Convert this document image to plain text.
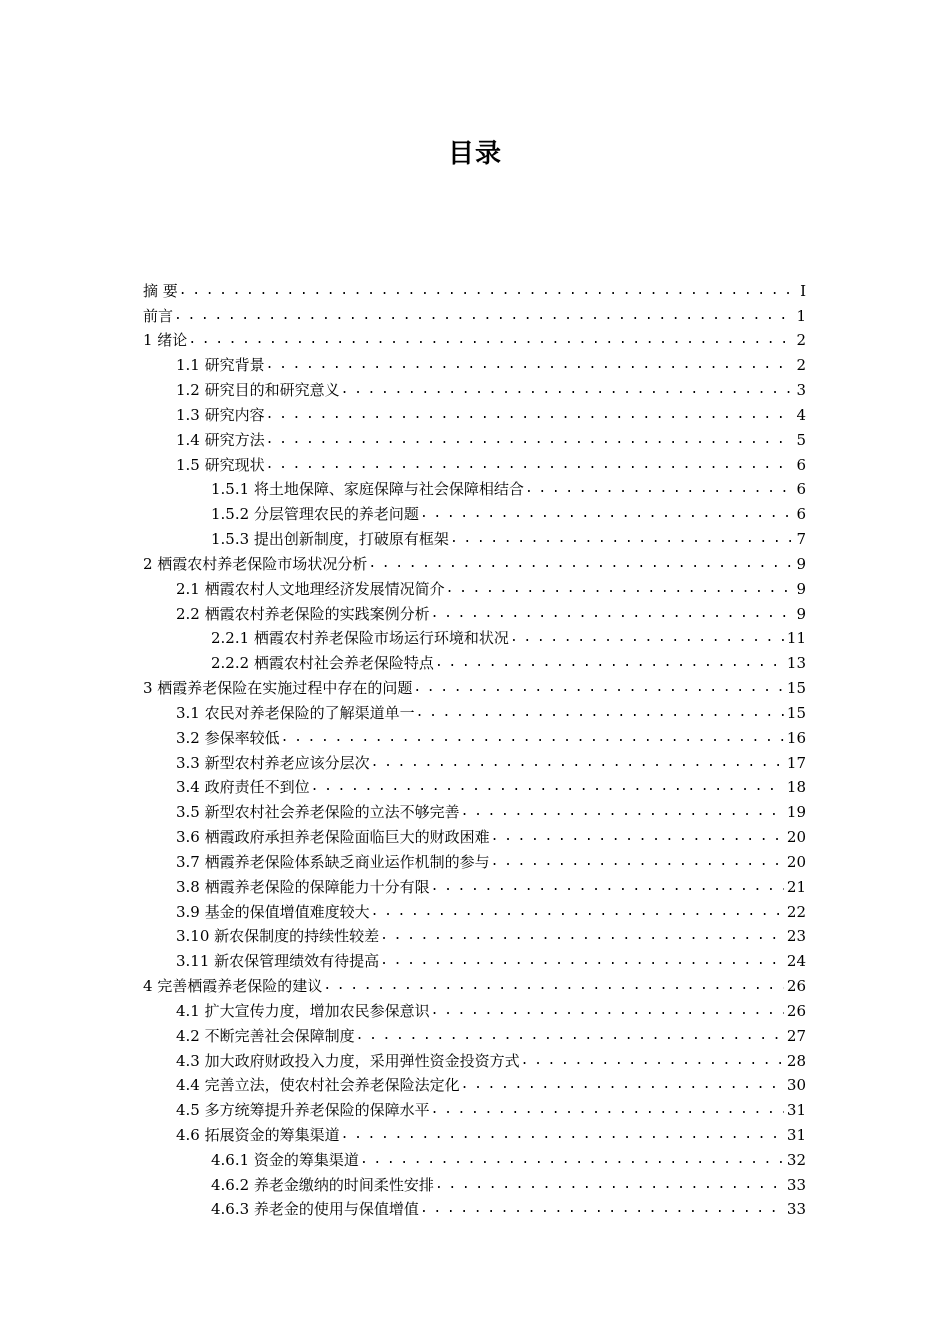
目录
摘 要 . . .	I
前言 . . .	1
1 绪论 . . .	2
1.1 研究背景 . . .	2
1.2 研究目的和研究意义 . . .	3
1.3 研究内容 . . .	4
1.4 研究方法 . . .	5
1.5 研究现状 . . .	6
1.5.1 将土地保障、家庭保障与社会保障相结合 . . .	6
1.5.2 分层管理农民的养老问题 . . .	6
1.5.3 提出创新制度，打破原有框架 . . .	7
2 栖霞农村养老保险市场状况分析 . . .	9
2.1 栖霞农村人文地理经济发展情况简介 . . .	9
2.2 栖霞农村养老保险的实践案例分析 . . .	9
2.2.1 栖霞农村养老保险市场运行环境和状况 . . .	11
2.2.2 栖霞农村社会养老保险特点 . . .	13
3 栖霞养老保险在实施过程中存在的问题 . . .	15
3.1 农民对养老保险的了解渠道单一 . . .	15
3.2 参保率较低 . . .	16
3.3 新型农村养老应该分层次 . . .	17
3.4 政府责任不到位 . . .	18
3.5 新型农村社会养老保险的立法不够完善 . . .	19
3.6 栖霞政府承担养老保险面临巨大的财政困难 . . .	20
3.7 栖霞养老保险体系缺乏商业运作机制的参与 . . .	20
3.8 栖霞养老保险的保障能力十分有限 . . .	21
3.9 基金的保值增值难度较大 . . .	22
3.10 新农保制度的持续性较差 . . .	23
3.11 新农保管理绩效有待提高 . . .	24
4 完善栖霞养老保险的建议 . . .	26
4.1 扩大宣传力度，增加农民参保意识 . . .	26
4.2 不断完善社会保障制度 . . .	27
4.3 加大政府财政投入力度，采用弹性资金投资方式 . . .	28
4.4 完善立法，使农村社会养老保险法定化 . . .	30
4.5 多方统筹提升养老保险的保障水平 . . .	31
4.6 拓展资金的筹集渠道 . . .	31
4.6.1 资金的筹集渠道 . . .	32
4.6.2 养老金缴纳的时间柔性安排 . . .	33
4.6.3 养老金的使用与保值增值 . . .	33
